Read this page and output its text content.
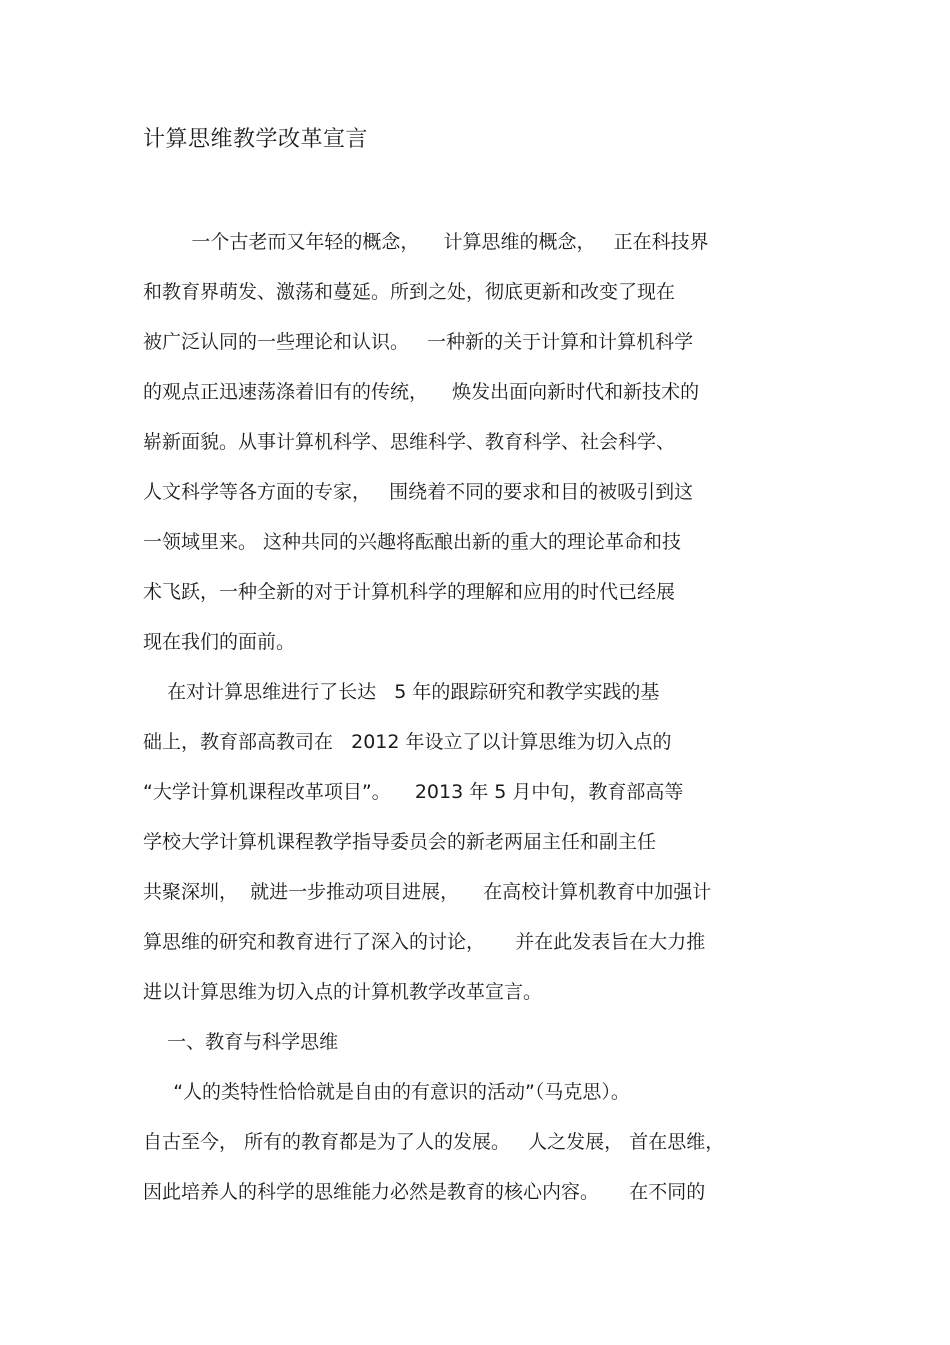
计算思维教学改革宣言
一个古老而又年轻的概念，    计算思维的概念，   正在科技界
和教育界萌发、激荡和蔓延。所到之处，彻底更新和改变了现在
被广泛认同的一些理论和认识。   一种新的关于计算和计算机科学
的观点正迅速荡涤着旧有的传统，    焕发出面向新时代和新技术的
崭新面貌。从事计算机科学、思维科学、教育科学、社会科学、
人文科学等各方面的专家，   围绕着不同的要求和目的被吸引到这
一领域里来。 这种共同的兴趣将酝酿出新的重大的理论革命和技
术飞跃，一种全新的对于计算机科学的理解和应用的时代已经展
现在我们的面前。
在对计算思维进行了长达   5 年的跟踪研究和教学实践的基
础上，教育部高教司在   2012 年设立了以计算思维为切入点的
“大学计算机课程改革项目”。    2013 年 5 月中旬，教育部高等
学校大学计算机课程教学指导委员会的新老两届主任和副主任
共聚深圳，  就进一步推动项目进展，    在高校计算机教育中加强计
算思维的研究和教育进行了深入的讨论，     并在此发表旨在大力推
进以计算思维为切入点的计算机教学改革宣言。
一、教育与科学思维
“人的类特性恰恰就是自由的有意识的活动”（马克思）。
自古至今， 所有的教育都是为了人的发展。   人之发展， 首在思维，
因此培养人的科学的思维能力必然是教育的核心内容。     在不同的
